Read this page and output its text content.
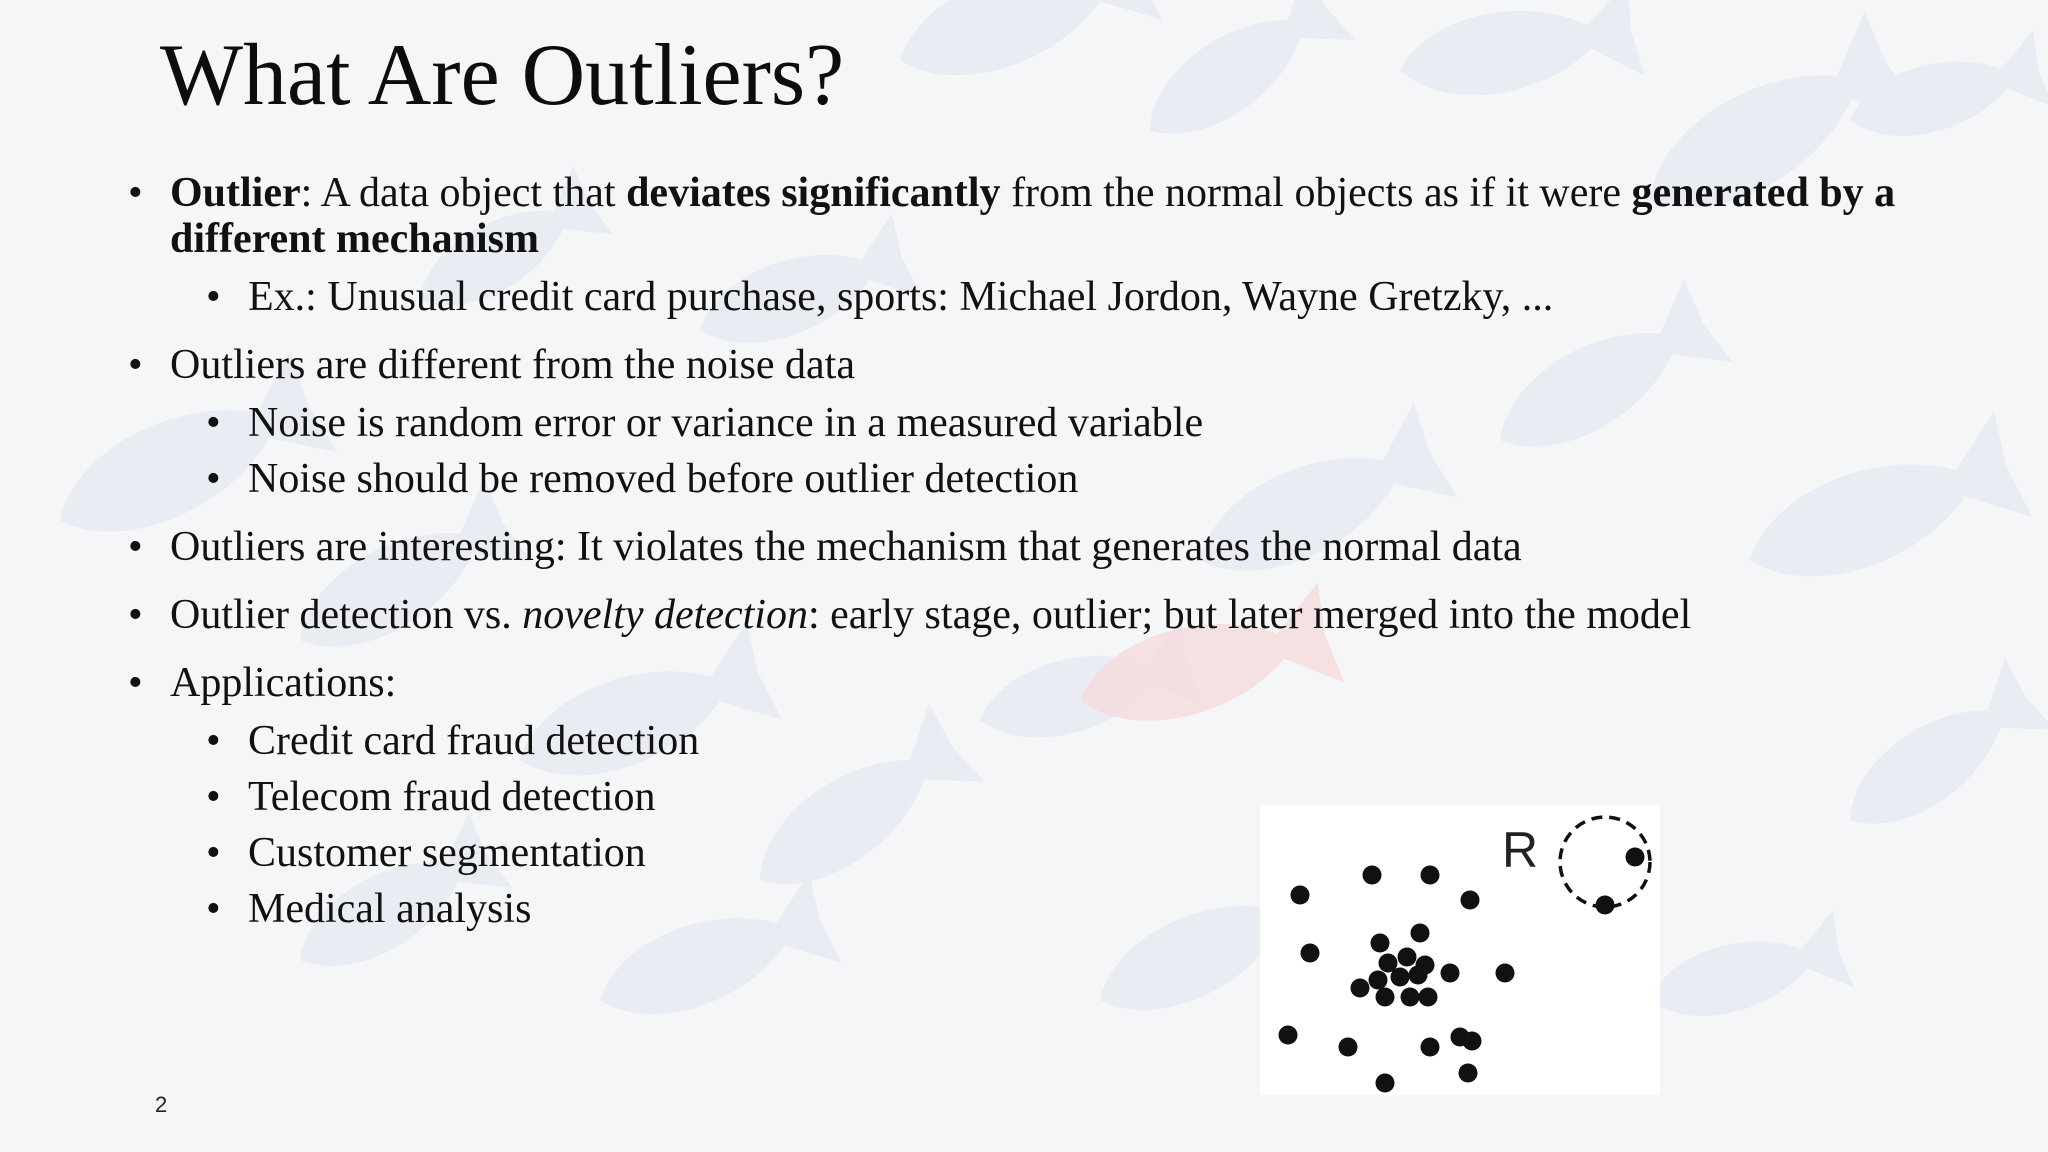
What Are Outliers?
• Outlier: A data object that deviates significantly from the normal objects as if it were generated by a different mechanism
• Ex.: Unusual credit card purchase, sports: Michael Jordon, Wayne Gretzky, ...
• Outliers are different from the noise data
• Noise is random error or variance in a measured variable
• Noise should be removed before outlier detection
• Outliers are interesting: It violates the mechanism that generates the normal data
• Outlier detection vs. novelty detection: early stage, outlier; but later merged into the model
• Applications:
• Credit card fraud detection
• Telecom fraud detection
• Customer segmentation
• Medical analysis
R
2
